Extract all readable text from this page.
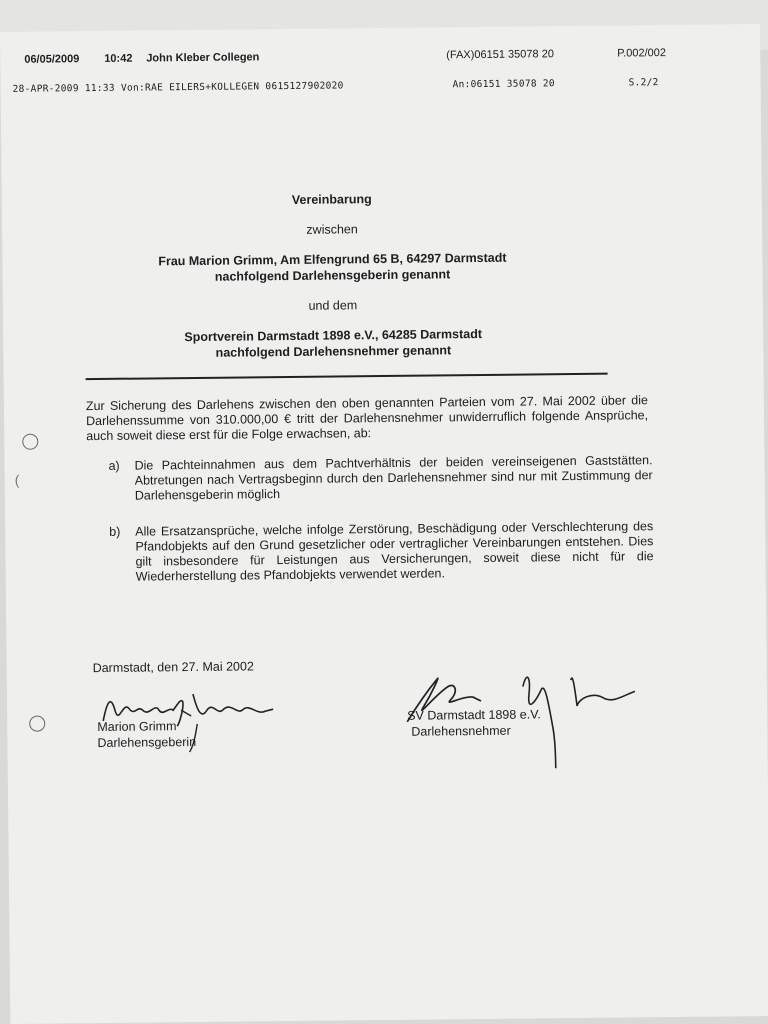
06/05/2009 10:42 John Kleber Collegen	(FAX)06151 35078 20	P.002/002
28-APR-2009 11:33 Von:RAE EILERS+KOLLEGEN 0615127902020	An:06151 35078 20	S.2/2
Vereinbarung
zwischen
Frau Marion Grimm, Am Elfengrund 65 B, 64297 Darmstadt
nachfolgend Darlehensgeberin genannt
und dem
Sportverein Darmstadt 1898 e.V., 64285 Darmstadt
nachfolgend Darlehensnehmer genannt
Zur Sicherung des Darlehens zwischen den oben genannten Parteien vom 27. Mai 2002 über die Darlehenssumme von 310.000,00 € tritt der Darlehensnehmer unwiderruflich folgende Ansprüche, auch soweit diese erst für die Folge erwachsen, ab:
a) Die Pachteinnahmen aus dem Pachtverhältnis der beiden vereinseigenen Gaststätten. Abtretungen nach Vertragsbeginn durch den Darlehensnehmer sind nur mit Zustimmung der Darlehensgeberin möglich
b) Alle Ersatzansprüche, welche infolge Zerstörung, Beschädigung oder Verschlechterung des Pfandobjekts auf den Grund gesetzlicher oder vertraglicher Vereinbarungen entstehen. Dies gilt insbesondere für Leistungen aus Versicherungen, soweit diese nicht für die Wiederherstellung des Pfandobjekts verwendet werden.
Darmstadt, den 27. Mai 2002
Marion Grimm
Darlehensgeberin
SV Darmstadt 1898 e.V.
Darlehensnehmer
(
